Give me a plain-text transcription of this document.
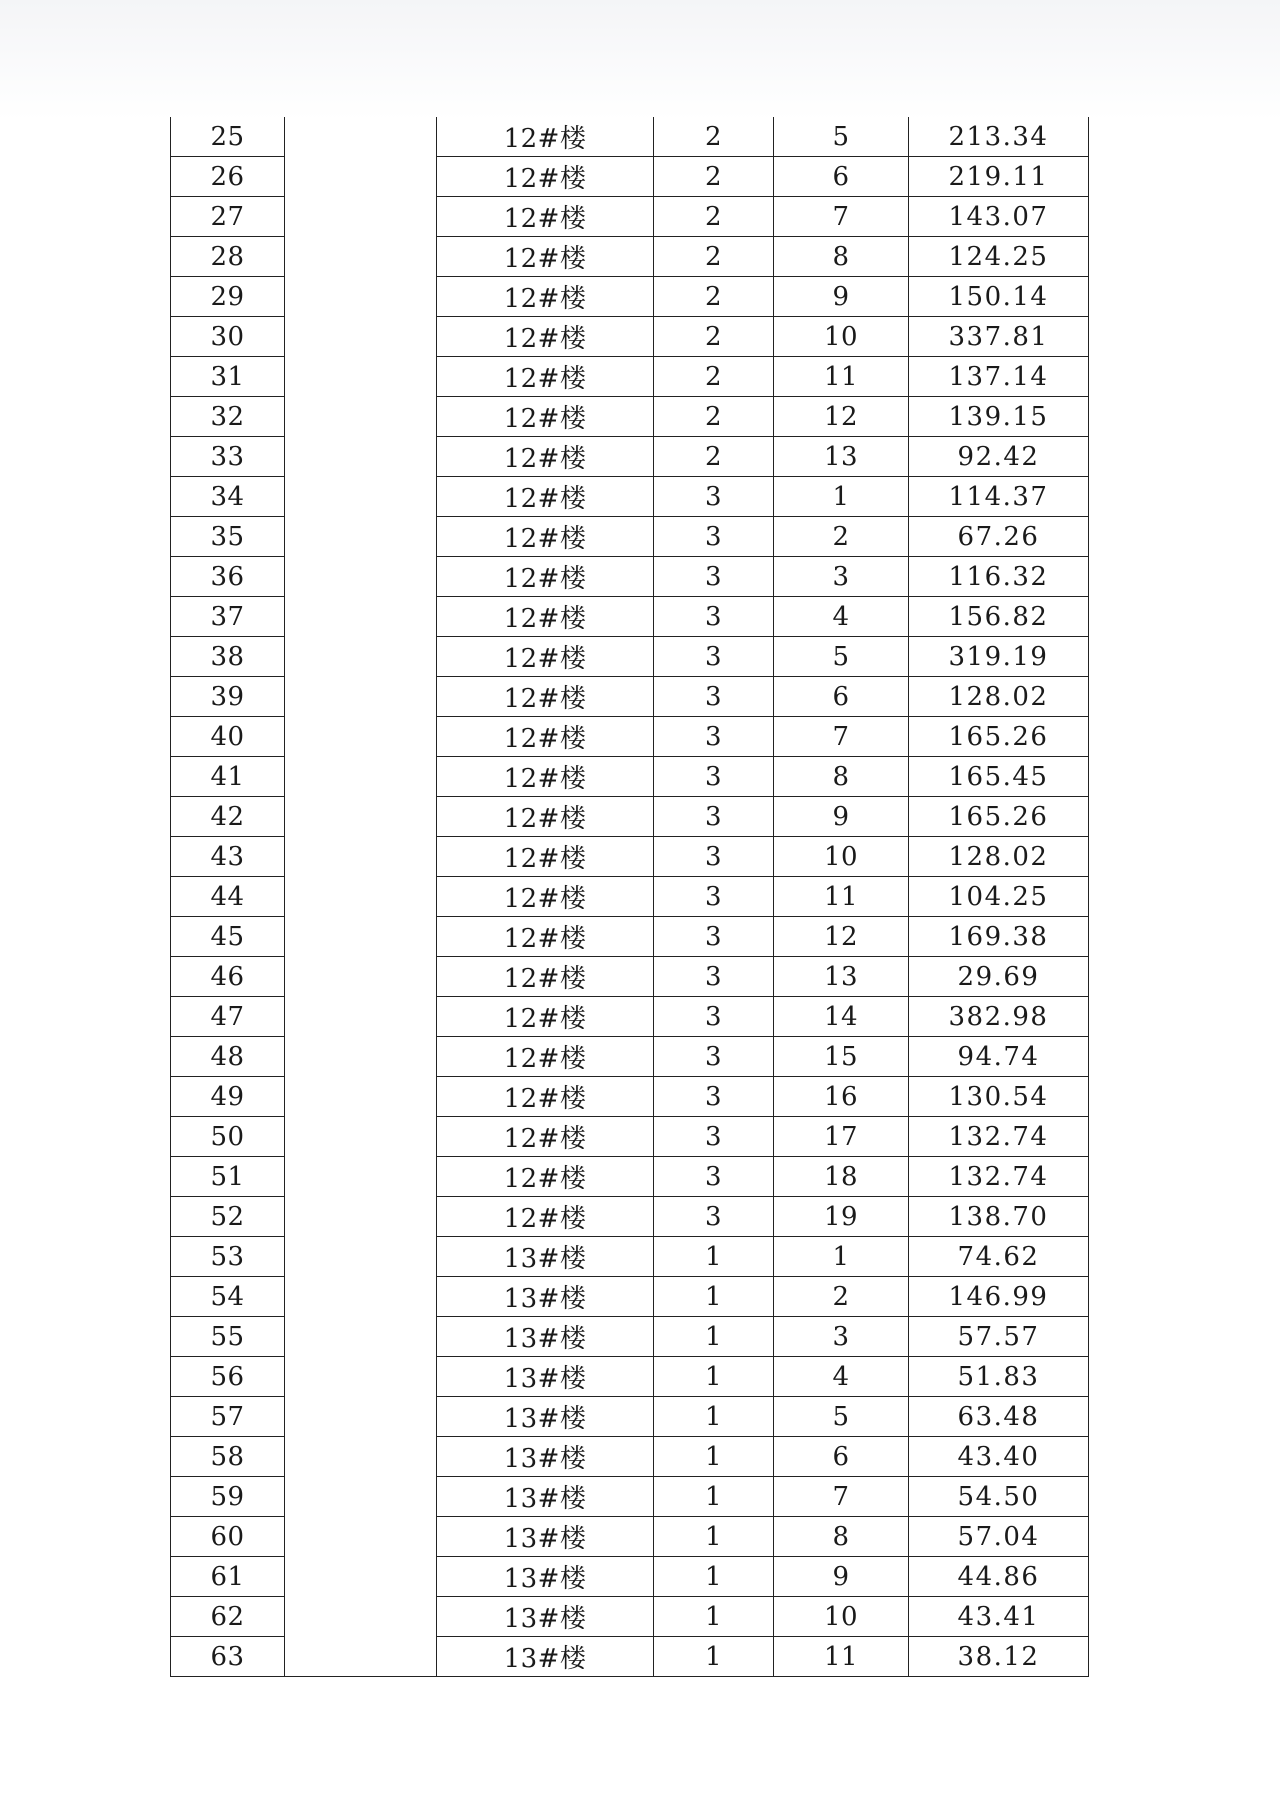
25		12#楼	2	5	213.34
26		12#楼	2	6	219.11
27		12#楼	2	7	143.07
28		12#楼	2	8	124.25
29		12#楼	2	9	150.14
30		12#楼	2	10	337.81
31		12#楼	2	11	137.14
32		12#楼	2	12	139.15
33		12#楼	2	13	92.42
34		12#楼	3	1	114.37
35		12#楼	3	2	67.26
36		12#楼	3	3	116.32
37		12#楼	3	4	156.82
38		12#楼	3	5	319.19
39		12#楼	3	6	128.02
40		12#楼	3	7	165.26
41		12#楼	3	8	165.45
42		12#楼	3	9	165.26
43		12#楼	3	10	128.02
44		12#楼	3	11	104.25
45		12#楼	3	12	169.38
46		12#楼	3	13	29.69
47		12#楼	3	14	382.98
48		12#楼	3	15	94.74
49		12#楼	3	16	130.54
50		12#楼	3	17	132.74
51		12#楼	3	18	132.74
52		12#楼	3	19	138.70
53		13#楼	1	1	74.62
54		13#楼	1	2	146.99
55		13#楼	1	3	57.57
56		13#楼	1	4	51.83
57		13#楼	1	5	63.48
58		13#楼	1	6	43.40
59		13#楼	1	7	54.50
60		13#楼	1	8	57.04
61		13#楼	1	9	44.86
62		13#楼	1	10	43.41
63		13#楼	1	11	38.12
